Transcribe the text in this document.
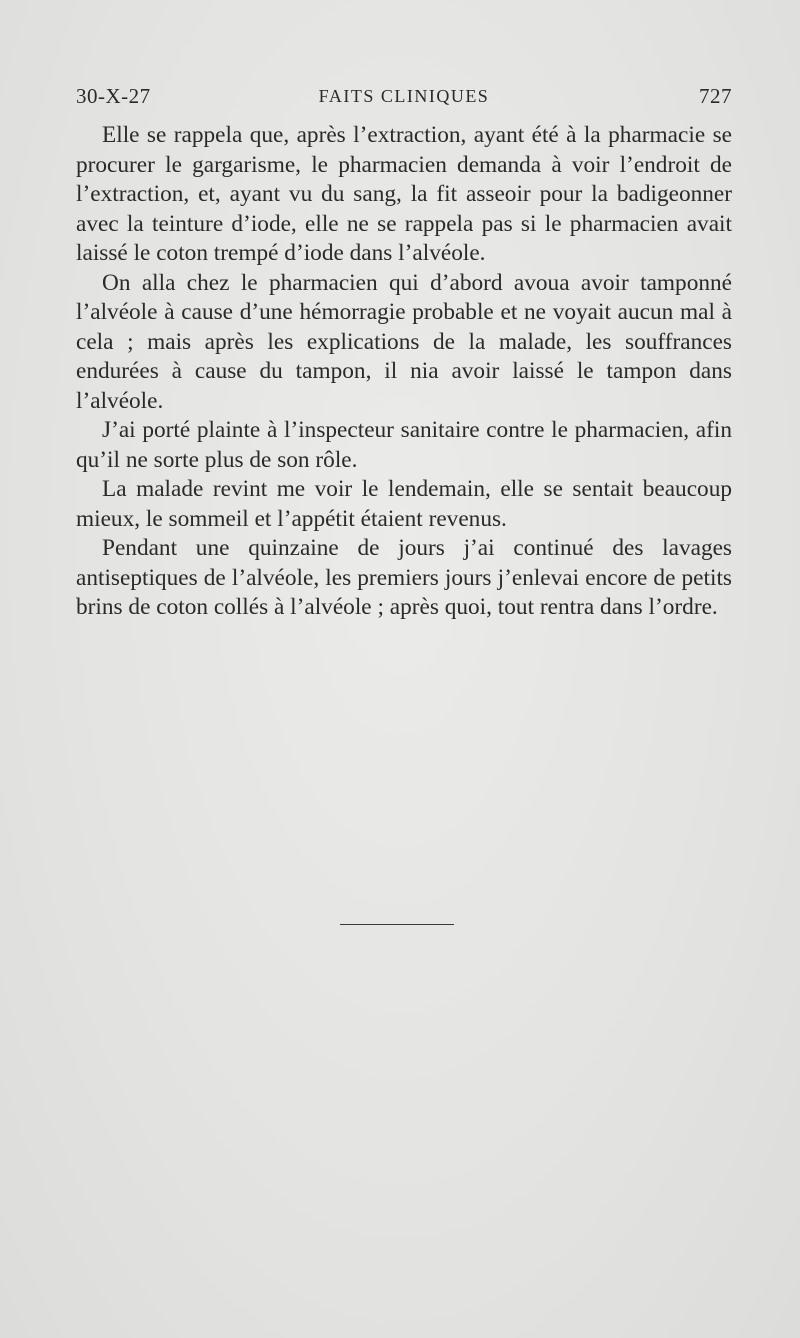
30-X-27	FAITS CLINIQUES	727

Elle se rappela que, après l’extraction, ayant été à la pharmacie se procurer le gargarisme, le pharmacien demanda à voir l’endroit de l’extraction, et, ayant vu du sang, la fit asseoir pour la badigeonner avec la teinture d’iode, elle ne se rappela pas si le pharmacien avait laissé le coton trempé d’iode dans l’alvéole.

On alla chez le pharmacien qui d’abord avoua avoir tamponné l’alvéole à cause d’une hémorragie probable et ne voyait aucun mal à cela ; mais après les explications de la malade, les souffrances endurées à cause du tampon, il nia avoir laissé le tampon dans l’alvéole.

J’ai porté plainte à l’inspecteur sanitaire contre le pharmacien, afin qu’il ne sorte plus de son rôle.

La malade revint me voir le lendemain, elle se sentait beaucoup mieux, le sommeil et l’appétit étaient revenus.

Pendant une quinzaine de jours j’ai continué des lavages antiseptiques de l’alvéole, les premiers jours j’enlevai encore de petits brins de coton collés à l’alvéole ; après quoi, tout rentra dans l’ordre.
